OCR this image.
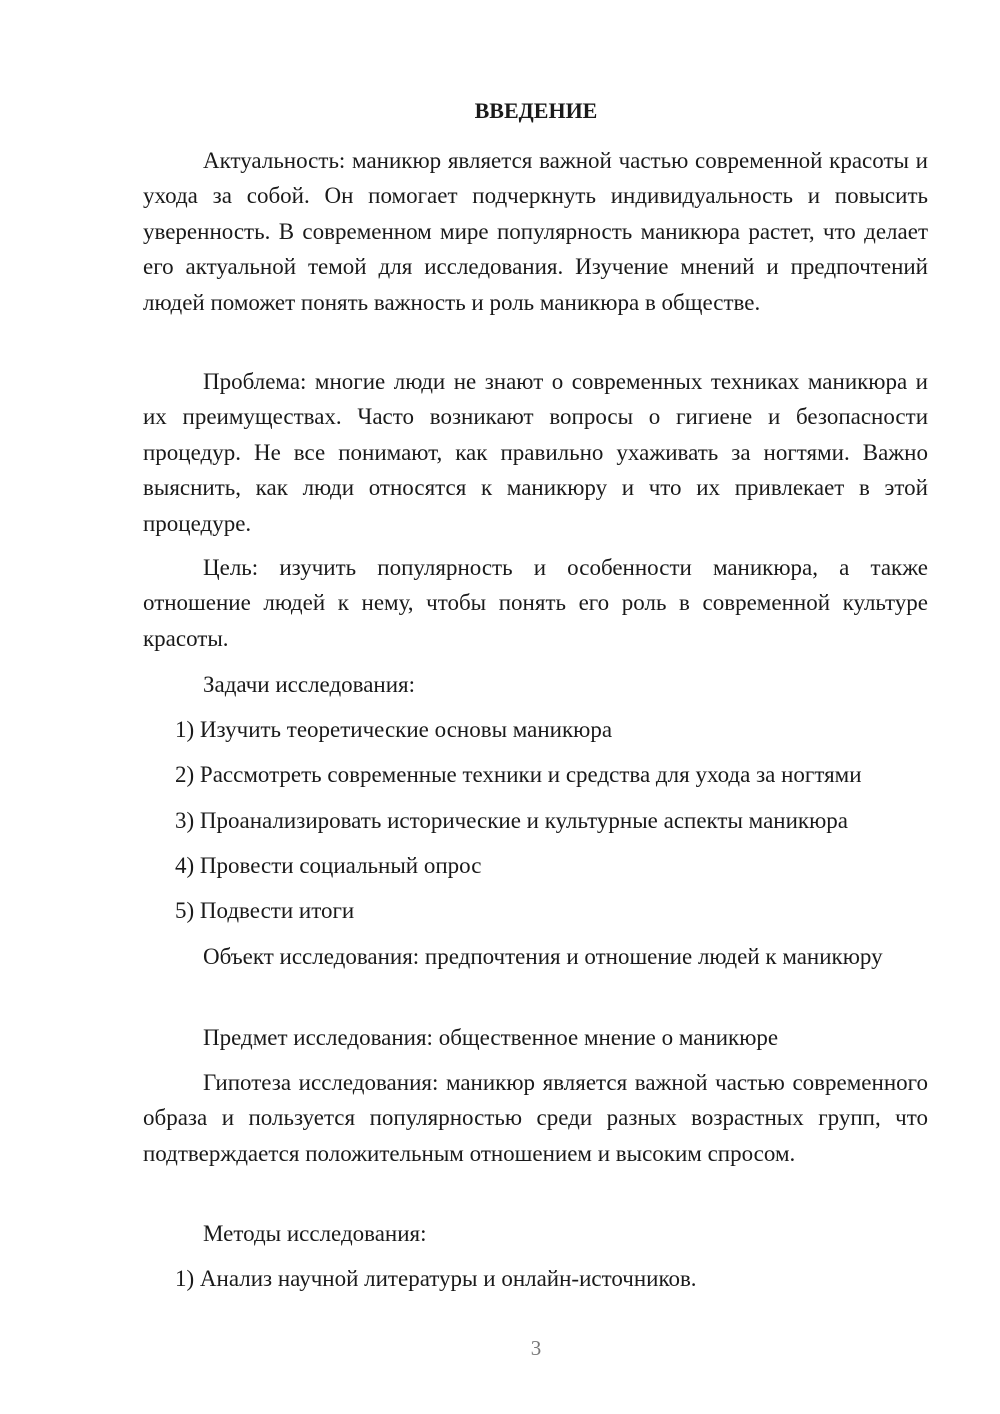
ВВЕДЕНИЕ

Актуальность: маникюр является важной частью современной красоты и ухода за собой. Он помогает подчеркнуть индивидуальность и повысить уверенность. В современном мире популярность маникюра растет, что делает его актуальной темой для исследования. Изучение мнений и предпочтений людей поможет понять важность и роль маникюра в обществе.

Проблема: многие люди не знают о современных техниках маникюра и их преимуществах. Часто возникают вопросы о гигиене и безопасности процедур. Не все понимают, как правильно ухаживать за ногтями. Важно выяснить, как люди относятся к маникюру и что их привлекает в этой процедуре.

Цель: изучить популярность и особенности маникюра, а также отношение людей к нему, чтобы понять его роль в современной культуре красоты.

Задачи исследования:

1) Изучить теоретические основы маникюра

2) Рассмотреть современные техники и средства для ухода за ногтями

3) Проанализировать исторические и культурные аспекты маникюра

4) Провести социальный опрос

5) Подвести итоги

Объект исследования: предпочтения и отношение людей к маникюру

Предмет исследования: общественное мнение о маникюре

Гипотеза исследования: маникюр является важной частью современного образа и пользуется популярностью среди разных возрастных групп, что подтверждается положительным отношением и высоким спросом.

Методы исследования:

1) Анализ научной литературы и онлайн-источников.

3
